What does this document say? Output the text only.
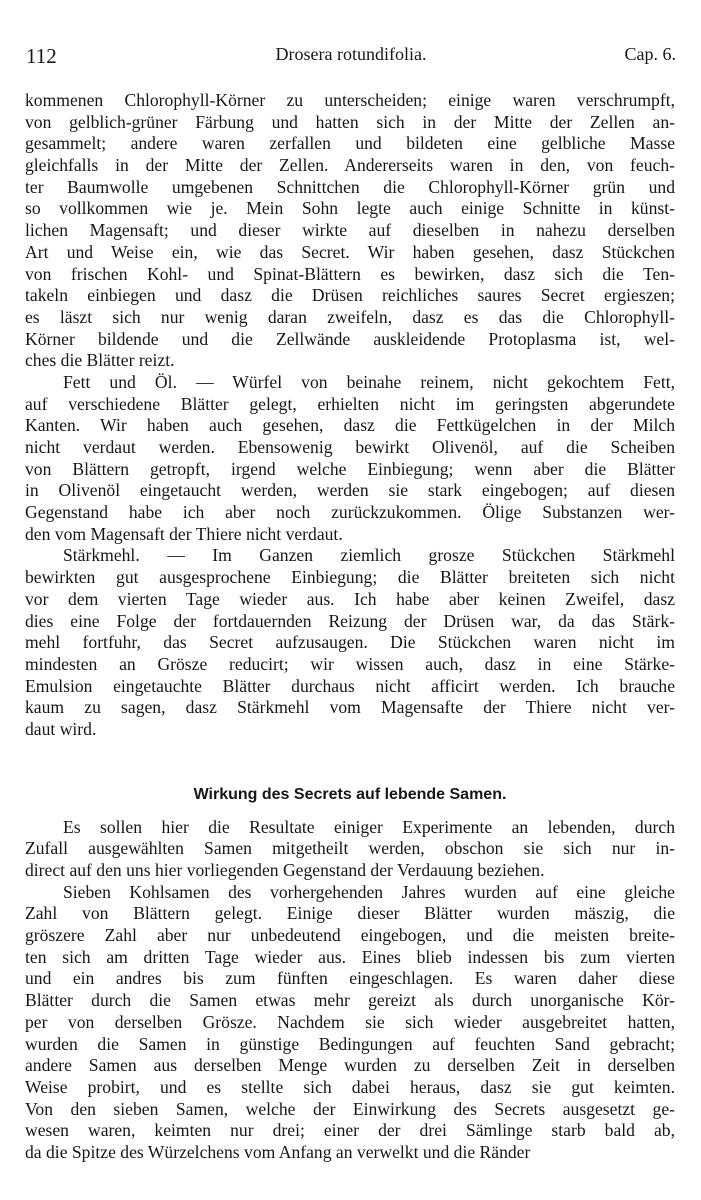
112	Drosera rotundifolia.	Cap. 6.
kommenen Chlorophyll-Körner zu unterscheiden; einige waren verschrumpft,
von gelblich-grüner Färbung und hatten sich in der Mitte der Zellen an-
gesammelt; andere waren zerfallen und bildeten eine gelbliche Masse
gleichfalls in der Mitte der Zellen. Andererseits waren in den, von feuch-
ter Baumwolle umgebenen Schnittchen die Chlorophyll-Körner grün und
so vollkommen wie je. Mein Sohn legte auch einige Schnitte in künst-
lichen Magensaft; und dieser wirkte auf dieselben in nahezu derselben
Art und Weise ein, wie das Secret. Wir haben gesehen, dasz Stückchen
von frischen Kohl- und Spinat-Blättern es bewirken, dasz sich die Ten-
takeln einbiegen und dasz die Drüsen reichliches saures Secret ergieszen;
es läszt sich nur wenig daran zweifeln, dasz es das die Chlorophyll-
Körner bildende und die Zellwände auskleidende Protoplasma ist, wel-
ches die Blätter reizt.
Fett und Öl. — Würfel von beinahe reinem, nicht gekochtem Fett,
auf verschiedene Blätter gelegt, erhielten nicht im geringsten abgerundete
Kanten. Wir haben auch gesehen, dasz die Fettkügelchen in der Milch
nicht verdaut werden. Ebensowenig bewirkt Olivenöl, auf die Scheiben
von Blättern getropft, irgend welche Einbiegung; wenn aber die Blätter
in Olivenöl eingetaucht werden, werden sie stark eingebogen; auf diesen
Gegenstand habe ich aber noch zurückzukommen. Ölige Substanzen wer-
den vom Magensaft der Thiere nicht verdaut.
Stärkmehl. — Im Ganzen ziemlich grosze Stückchen Stärkmehl
bewirkten gut ausgesprochene Einbiegung; die Blätter breiteten sich nicht
vor dem vierten Tage wieder aus. Ich habe aber keinen Zweifel, dasz
dies eine Folge der fortdauernden Reizung der Drüsen war, da das Stärk-
mehl fortfuhr, das Secret aufzusaugen. Die Stückchen waren nicht im
mindesten an Grösze reducirt; wir wissen auch, dasz in eine Stärke-
Emulsion eingetauchte Blätter durchaus nicht afficirt werden. Ich brauche
kaum zu sagen, dasz Stärkmehl vom Magensafte der Thiere nicht ver-
daut wird.
Wirkung des Secrets auf lebende Samen.
Es sollen hier die Resultate einiger Experimente an lebenden, durch
Zufall ausgewählten Samen mitgetheilt werden, obschon sie sich nur in-
direct auf den uns hier vorliegenden Gegenstand der Verdauung beziehen.
Sieben Kohlsamen des vorhergehenden Jahres wurden auf eine gleiche
Zahl von Blättern gelegt. Einige dieser Blätter wurden mäszig, die
gröszere Zahl aber nur unbedeutend eingebogen, und die meisten breite-
ten sich am dritten Tage wieder aus. Eines blieb indessen bis zum vierten
und ein andres bis zum fünften eingeschlagen. Es waren daher diese
Blätter durch die Samen etwas mehr gereizt als durch unorganische Kör-
per von derselben Grösze. Nachdem sie sich wieder ausgebreitet hatten,
wurden die Samen in günstige Bedingungen auf feuchten Sand gebracht;
andere Samen aus derselben Menge wurden zu derselben Zeit in derselben
Weise probirt, und es stellte sich dabei heraus, dasz sie gut keimten.
Von den sieben Samen, welche der Einwirkung des Secrets ausgesetzt ge-
wesen waren, keimten nur drei; einer der drei Sämlinge starb bald ab,
da die Spitze des Würzelchens vom Anfang an verwelkt und die Ränder
